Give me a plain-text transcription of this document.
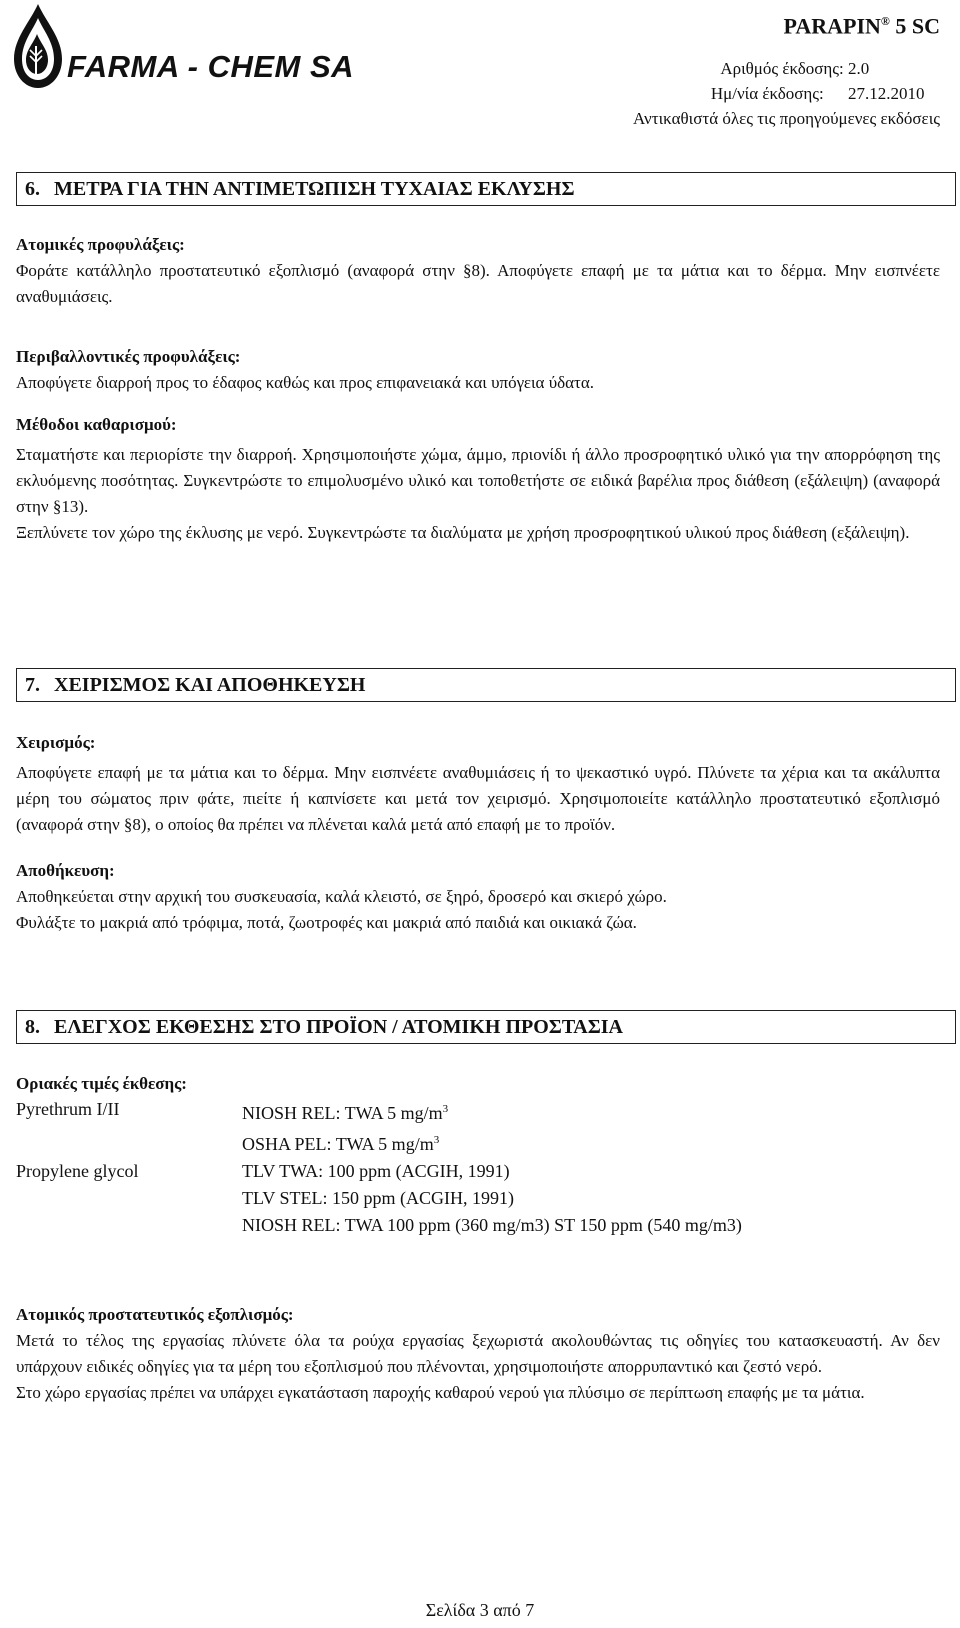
FARMA - CHEM SA
PARAPIN® 5 SC
Αριθμός έκδοσης: 2.0
Ημ/νία έκδοσης: 27.12.2010
Αντικαθιστά όλες τις προηγούμενες εκδόσεις
6. ΜΕΤΡΑ ΓΙΑ ΤΗΝ ΑΝΤΙΜΕΤΩΠΙΣΗ ΤΥΧΑΙΑΣ ΕΚΛΥΣΗΣ
Ατομικές προφυλάξεις:
Φοράτε κατάλληλο προστατευτικό εξοπλισμό (αναφορά στην §8). Αποφύγετε επαφή με τα μάτια και το δέρμα. Μην εισπνέετε αναθυμιάσεις.
Περιβαλλοντικές προφυλάξεις:
Αποφύγετε διαρροή προς το έδαφος καθώς και προς επιφανειακά και υπόγεια ύδατα.
Μέθοδοι καθαρισμού:
Σταματήστε και περιορίστε την διαρροή. Χρησιμοποιήστε χώμα, άμμο, πριονίδι ή άλλο προσροφητικό υλικό για την απορρόφηση της εκλυόμενης ποσότητας. Συγκεντρώστε το επιμολυσμένο υλικό και τοποθετήστε σε ειδικά βαρέλια προς διάθεση (εξάλειψη) (αναφορά στην §13).
Ξεπλύνετε τον χώρο της έκλυσης με νερό. Συγκεντρώστε τα διαλύματα με χρήση προσροφητικού υλικού προς διάθεση (εξάλειψη).
7. ΧΕΙΡΙΣΜΟΣ ΚΑΙ ΑΠΟΘΗΚΕΥΣΗ
Χειρισμός:
Αποφύγετε επαφή με τα μάτια και το δέρμα. Μην εισπνέετε αναθυμιάσεις ή το ψεκαστικό υγρό. Πλύνετε τα χέρια και τα ακάλυπτα μέρη του σώματος πριν φάτε, πιείτε ή καπνίσετε και μετά τον χειρισμό. Χρησιμοποιείτε κατάλληλο προστατευτικό εξοπλισμό (αναφορά στην §8), ο οποίος θα πρέπει να πλένεται καλά μετά από επαφή με το προϊόν.
Αποθήκευση:
Αποθηκεύεται στην αρχική του συσκευασία, καλά κλειστό, σε ξηρό, δροσερό και σκιερό χώρο.
Φυλάξτε το μακριά από τρόφιμα, ποτά, ζωοτροφές και μακριά από παιδιά και οικιακά ζώα.
8. ΕΛΕΓΧΟΣ ΕΚΘΕΣΗΣ ΣΤΟ ΠΡΟΪΟΝ / ΑΤΟΜΙΚΗ ΠΡΟΣΤΑΣΙΑ
Οριακές τιμές έκθεσης:
Pyrethrum I/II	NIOSH REL: TWA 5 $mg/m^3$
OSHA PEL: TWA 5 $mg/m^3$
Propylene glycol	TLV TWA: 100 ppm (ACGIH, 1991)
TLV STEL: 150 ppm (ACGIH, 1991)
NIOSH REL: TWA 100 ppm (360 mg/m3) ST 150 ppm (540 mg/m3)
Ατομικός προστατευτικός εξοπλισμός:
Μετά το τέλος της εργασίας πλύνετε όλα τα ρούχα εργασίας ξεχωριστά ακολουθώντας τις οδηγίες του κατασκευαστή. Αν δεν υπάρχουν ειδικές οδηγίες για τα μέρη του εξοπλισμού που πλένονται, χρησιμοποιήστε απορρυπαντικό και ζεστό νερό.
Στο χώρο εργασίας πρέπει να υπάρχει εγκατάσταση παροχής καθαρού νερού για πλύσιμο σε περίπτωση επαφής με τα μάτια.
Σελίδα 3 από 7
